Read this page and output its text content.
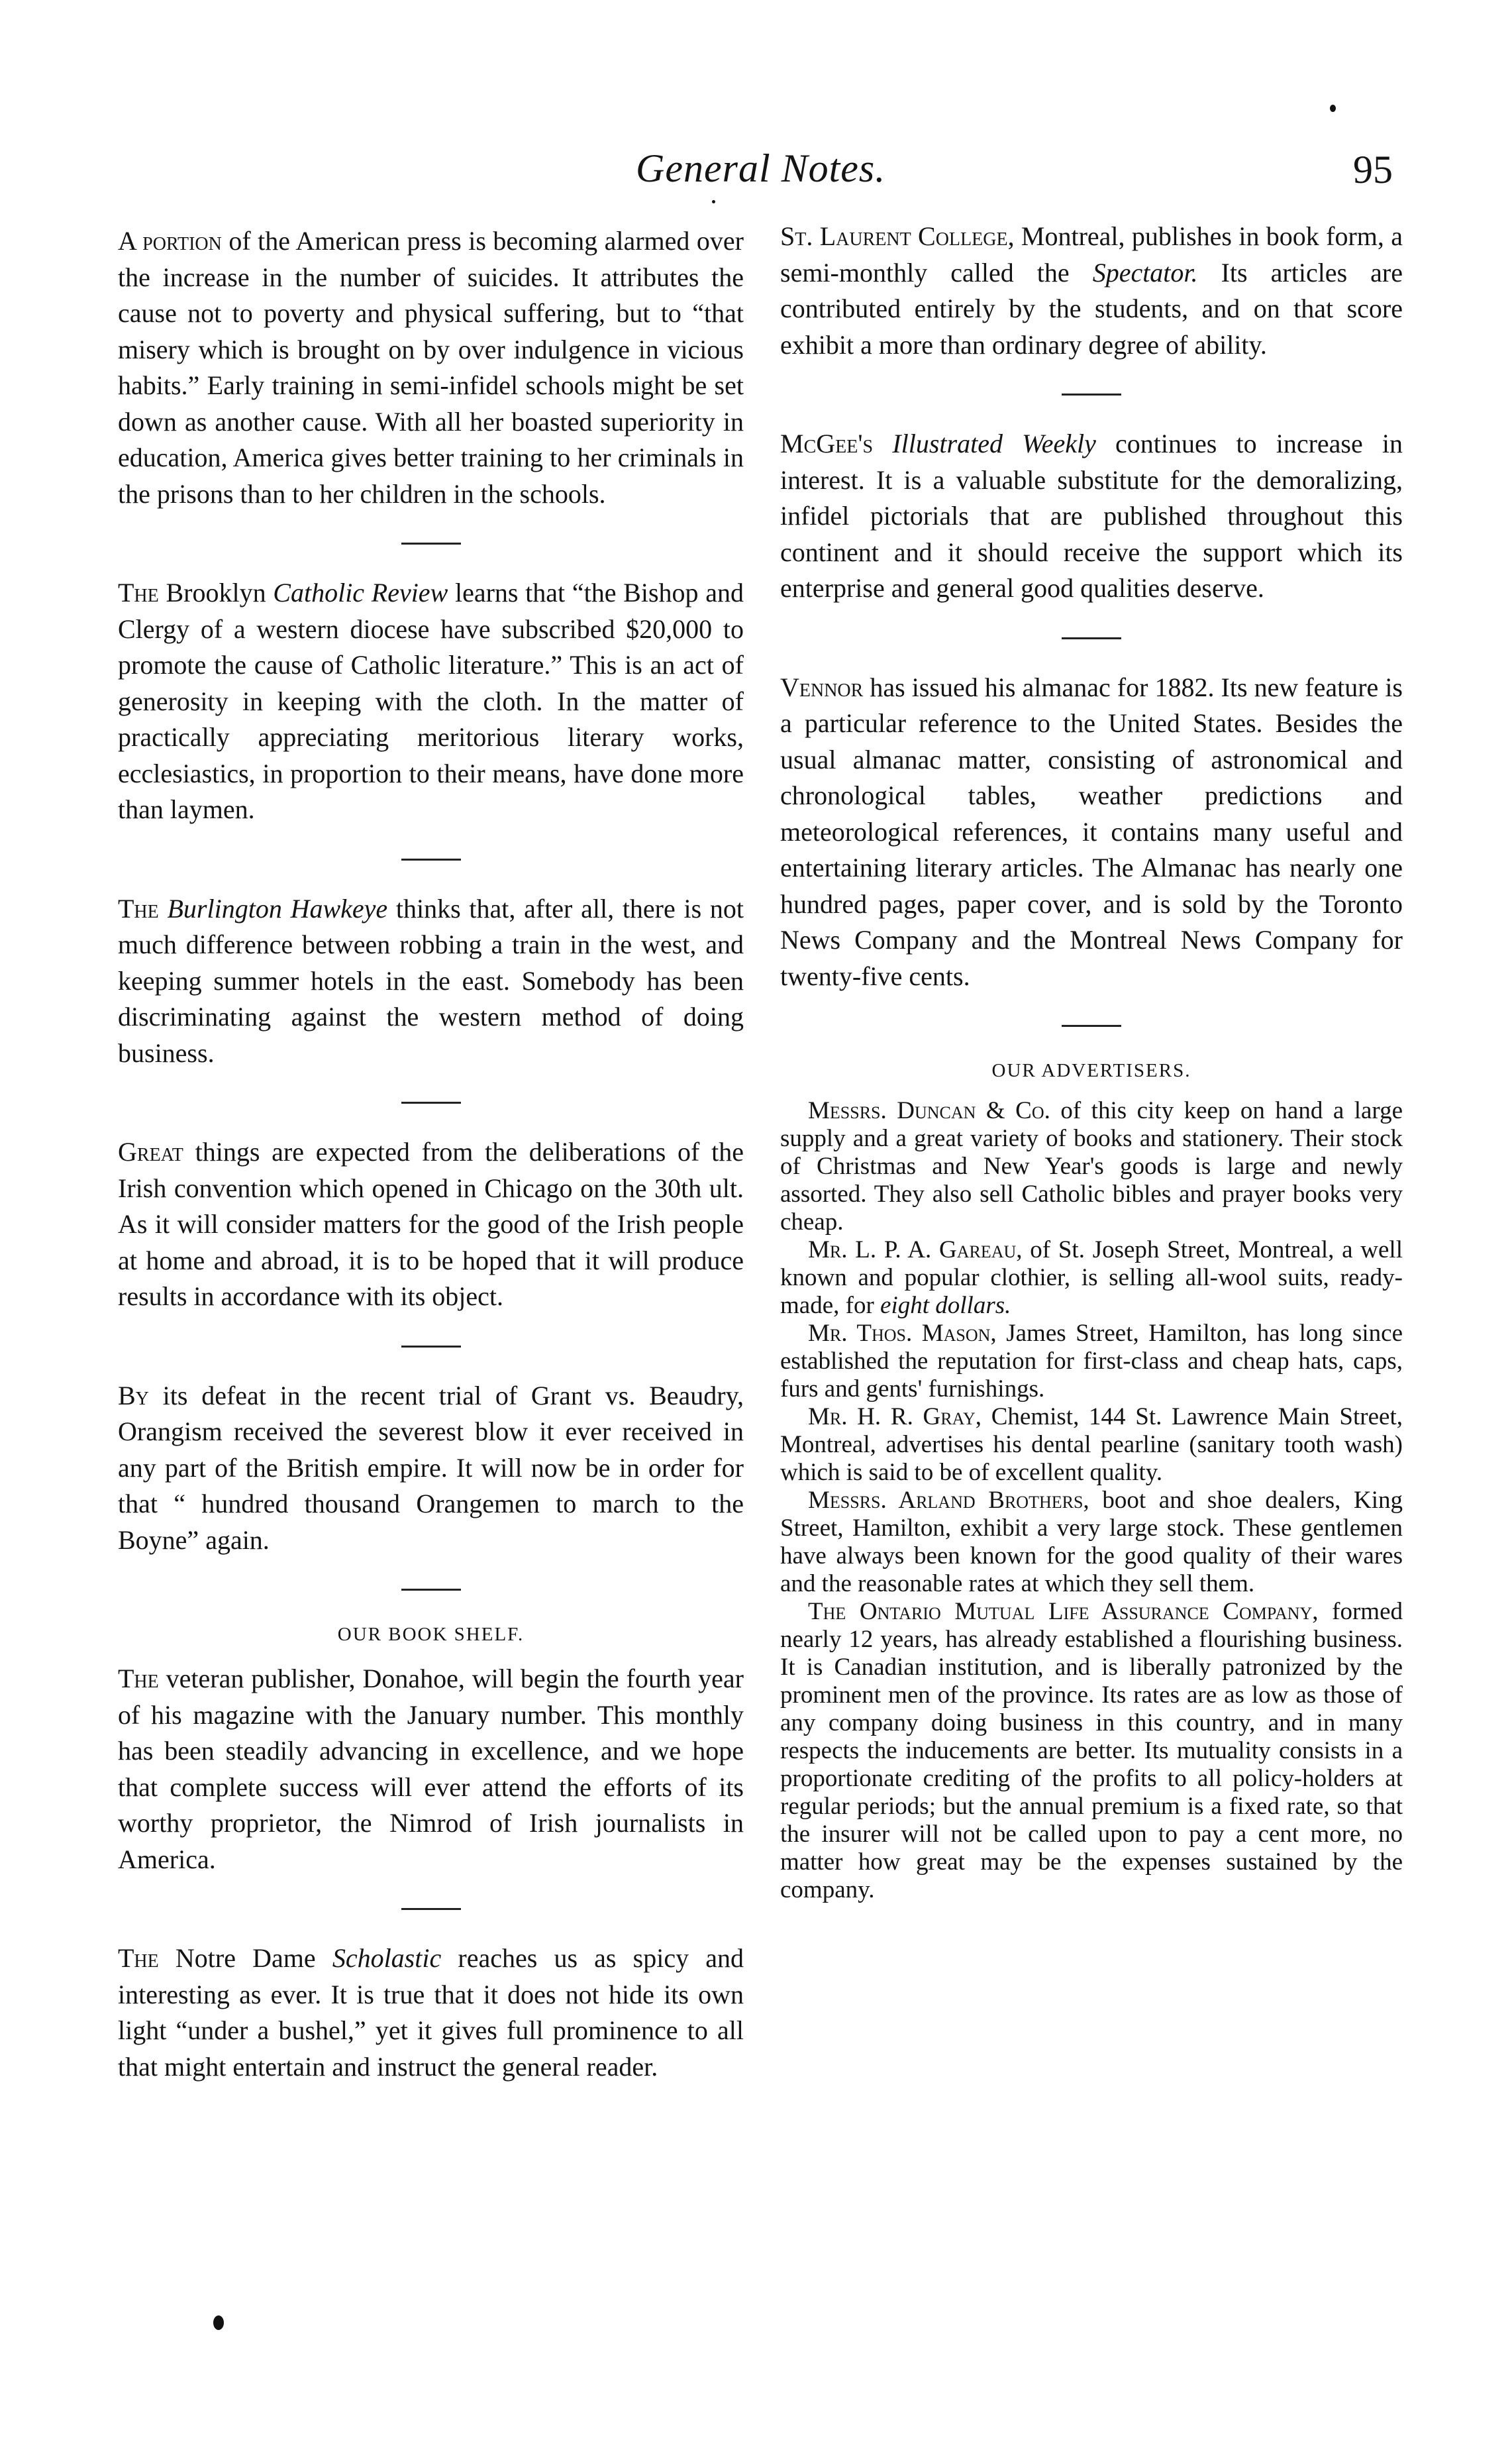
General Notes.	95

A portion of the American press is becoming alarmed over the increase in the number of suicides. It attributes the cause not to poverty and physical suffering, but to “that misery which is brought on by over indulgence in vicious habits.” Early training in semi-infidel schools might be set down as another cause. With all her boasted superiority in education, America gives better training to her criminals in the prisons than to her children in the schools.

The Brooklyn Catholic Review learns that “the Bishop and Clergy of a western diocese have subscribed $20,000 to promote the cause of Catholic literature.” This is an act of generosity in keeping with the cloth. In the matter of practically appreciating meritorious literary works, ecclesiastics, in proportion to their means, have done more than laymen.

The Burlington Hawkeye thinks that, after all, there is not much difference between robbing a train in the west, and keeping summer hotels in the east. Somebody has been discriminating against the western method of doing business.

Great things are expected from the deliberations of the Irish convention which opened in Chicago on the 30th ult. As it will consider matters for the good of the Irish people at home and abroad, it is to be hoped that it will produce results in accordance with its object.

By its defeat in the recent trial of Grant vs. Beaudry, Orangism received the severest blow it ever received in any part of the British empire. It will now be in order for that “ hundred thousand Orangemen to march to the Boyne” again.

OUR BOOK SHELF.

The veteran publisher, Donahoe, will begin the fourth year of his magazine with the January number. This monthly has been steadily advancing in excellence, and we hope that complete success will ever attend the efforts of its worthy proprietor, the Nimrod of Irish journalists in America.

The Notre Dame Scholastic reaches us as spicy and interesting as ever. It is true that it does not hide its own light “under a bushel,” yet it gives full prominence to all that might entertain and instruct the general reader.

St. Laurent College, Montreal, publishes in book form, a semi-monthly called the Spectator. Its articles are contributed entirely by the students, and on that score exhibit a more than ordinary degree of ability.

McGee's Illustrated Weekly continues to increase in interest. It is a valuable substitute for the demoralizing, infidel pictorials that are published throughout this continent and it should receive the support which its enterprise and general good qualities deserve.

Vennor has issued his almanac for 1882. Its new feature is a particular reference to the United States. Besides the usual almanac matter, consisting of astronomical and chronological tables, weather predictions and meteorological references, it contains many useful and entertaining literary articles. The Almanac has nearly one hundred pages, paper cover, and is sold by the Toronto News Company and the Montreal News Company for twenty-five cents.

OUR ADVERTISERS.

Messrs. Duncan & Co. of this city keep on hand a large supply and a great variety of books and stationery. Their stock of Christmas and New Year's goods is large and newly assorted. They also sell Catholic bibles and prayer books very cheap.

Mr. L. P. A. Gareau, of St. Joseph Street, Montreal, a well known and popular clothier, is selling all-wool suits, ready-made, for eight dollars.

Mr. Thos. Mason, James Street, Hamilton, has long since established the reputation for first-class and cheap hats, caps, furs and gents' furnishings.

Mr. H. R. Gray, Chemist, 144 St. Lawrence Main Street, Montreal, advertises his dental pearline (sanitary tooth wash) which is said to be of excellent quality.

Messrs. Arland Brothers, boot and shoe dealers, King Street, Hamilton, exhibit a very large stock. These gentlemen have always been known for the good quality of their wares and the reasonable rates at which they sell them.

The Ontario Mutual Life Assurance Company, formed nearly 12 years, has already established a flourishing business. It is Canadian institution, and is liberally patronized by the prominent men of the province. Its rates are as low as those of any company doing business in this country, and in many respects the inducements are better. Its mutuality consists in a proportionate crediting of the profits to all policy-holders at regular periods; but the annual premium is a fixed rate, so that the insurer will not be called upon to pay a cent more, no matter how great may be the expenses sustained by the company.
